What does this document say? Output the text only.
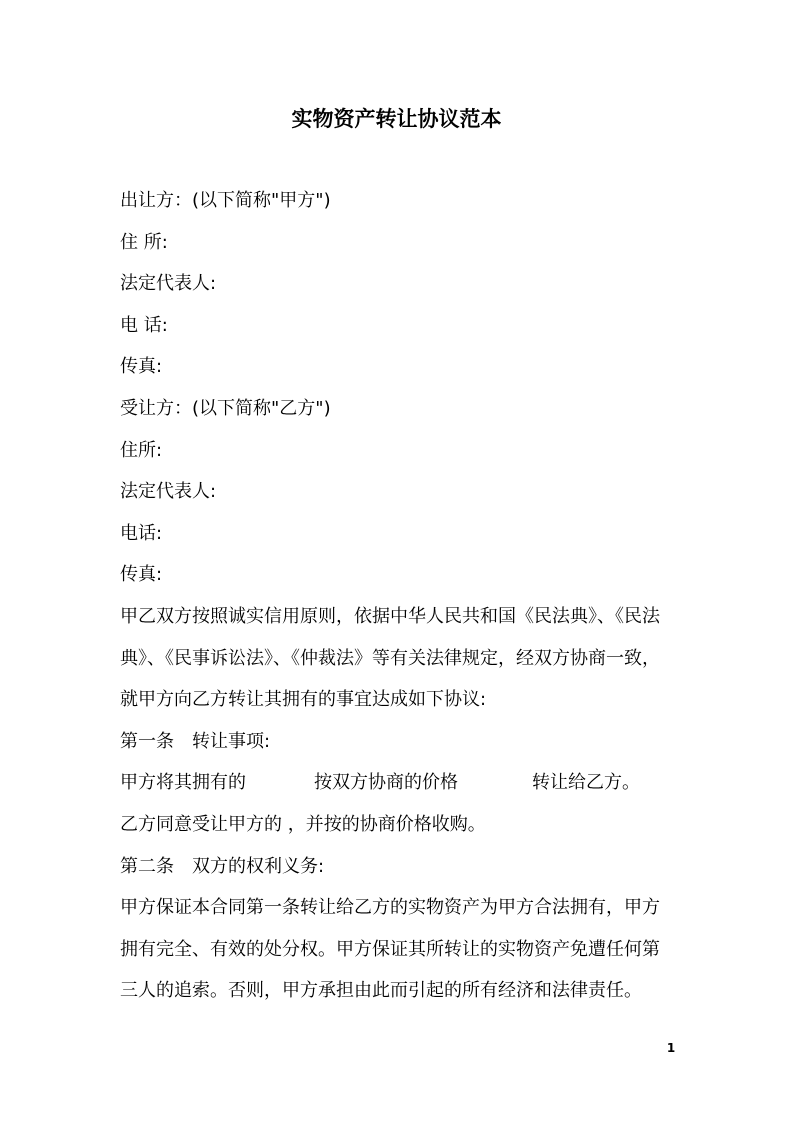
实物资产转让协议范本
出让方：(以下简称"甲方")
住 所:
法定代表人:
电 话:
传真:
受让方：(以下简称"乙方")
住所:
法定代表人:
电话:
传真:
甲乙双方按照诚实信用原则，依据中华人民共和国《民法典》、《民法
典》、《民事诉讼法》、《仲裁法》等有关法律规定，经双方协商一致，
就甲方向乙方转让其拥有的事宜达成如下协议:
第一条 转让事项:
甲方将其拥有的	按双方协商的价格	转让给乙方。
乙方同意受让甲方的 ，并按的协商价格收购。
第二条 双方的权利义务:
甲方保证本合同第一条转让给乙方的实物资产为甲方合法拥有，甲方
拥有完全、有效的处分权。甲方保证其所转让的实物资产免遭任何第
三人的追索。否则，甲方承担由此而引起的所有经济和法律责任。
1
